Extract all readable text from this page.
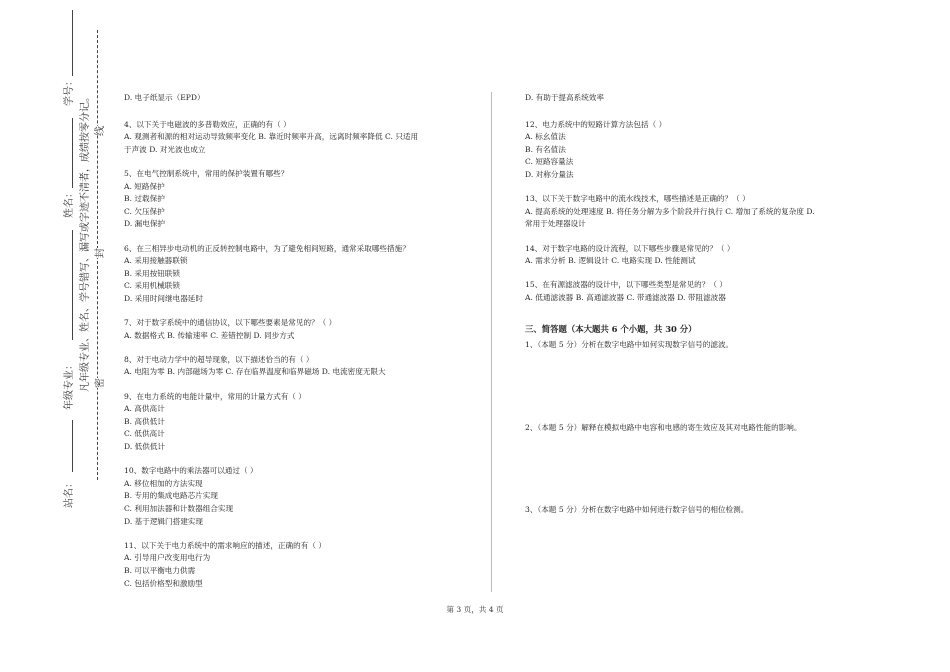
学号：
姓名：
年级专业：
站名：
凡年级专业、姓名、学号错写、漏写或字迹不清者，成绩按零分记。 密
封
线
D. 电子纸显示（EPD）
4、以下关于电磁波的多普勒效应，正确的有（ ）
A. 观测者和源的相对运动导致频率变化 B. 靠近时频率升高，远离时频率降低 C. 只适用
于声波 D. 对光波也成立
5、在电气控制系统中，常用的保护装置有哪些？
A. 短路保护
B. 过载保护
C. 欠压保护
D. 漏电保护
6、在三相异步电动机的正反转控制电路中，为了避免相间短路，通常采取哪些措施？
A. 采用接触器联锁
B. 采用按钮联锁
C. 采用机械联锁
D. 采用时间继电器延时
7、对于数字系统中的通信协议，以下哪些要素是常见的？（ ）
A. 数据格式 B. 传输速率 C. 差错控制 D. 同步方式
8、对于电动力学中的超导现象，以下描述恰当的有（ ）
A. 电阻为零 B. 内部磁场为零 C. 存在临界温度和临界磁场 D. 电流密度无限大
9、在电力系统的电能计量中，常用的计量方式有（ ）
A. 高供高计
B. 高供低计
C. 低供高计
D. 低供低计
10、数字电路中的乘法器可以通过（ ）
A. 移位相加的方法实现
B. 专用的集成电路芯片实现
C. 利用加法器和计数器组合实现
D. 基于逻辑门搭建实现
11、以下关于电力系统中的需求响应的描述，正确的有（ ）
A. 引导用户改变用电行为
B. 可以平衡电力供需
C. 包括价格型和激励型
D. 有助于提高系统效率
12、电力系统中的短路计算方法包括（ ）
A. 标幺值法
B. 有名值法
C. 短路容量法
D. 对称分量法
13、以下关于数字电路中的流水线技术，哪些描述是正确的？（ ）
A. 提高系统的处理速度 B. 将任务分解为多个阶段并行执行 C. 增加了系统的复杂度 D.
常用于处理器设计
14、对于数字电路的设计流程，以下哪些步骤是常见的？（ ）
A. 需求分析 B. 逻辑设计 C. 电路实现 D. 性能测试
15、在有源滤波器的设计中，以下哪些类型是常见的？（ ）
A. 低通滤波器 B. 高通滤波器 C. 带通滤波器 D. 带阻滤波器
三、简答题（本大题共 6 个小题，共 30 分）
1、（本题 5 分）分析在数字电路中如何实现数字信号的滤波。
2、（本题 5 分）解释在模拟电路中电容和电感的寄生效应及其对电路性能的影响。
3、（本题 5 分）分析在数字电路中如何进行数字信号的相位检测。
第 3 页，共 4 页
